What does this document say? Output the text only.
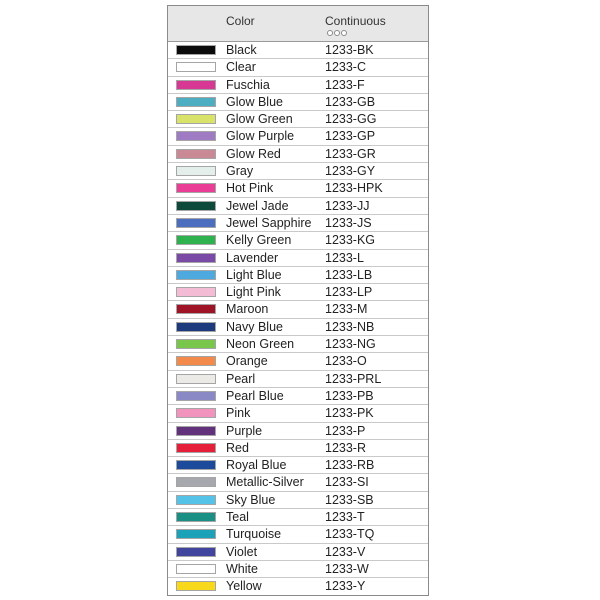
Color	Continuous
Black	1233-BK
Clear	1233-C
Fuschia	1233-F
Glow Blue	1233-GB
Glow Green	1233-GG
Glow Purple 1233-GP
Glow Red	1233-GR
Gray	1233-GY
Hot Pink	1233-HPK
Jewel Jade	1233-JJ
Jewel Sapphire 1233-JS
Kelly Green	1233-KG
Lavender	1233-L
Light Blue	1233-LB
Light Pink	1233-LP
Maroon	1233-M
Navy Blue	1233-NB
Neon Green 1233-NG
Orange	1233-O
Pearl	1233-PRL
Pearl Blue	1233-PB
Pink	1233-PK
Purple	1233-P
Red	1233-R
Royal Blue	1233-RB
Metallic-Silver 1233-SI
Sky Blue	1233-SB
Teal	1233-T
Turquoise	1233-TQ
Violet	1233-V
White	1233-W
Yellow	1233-Y
